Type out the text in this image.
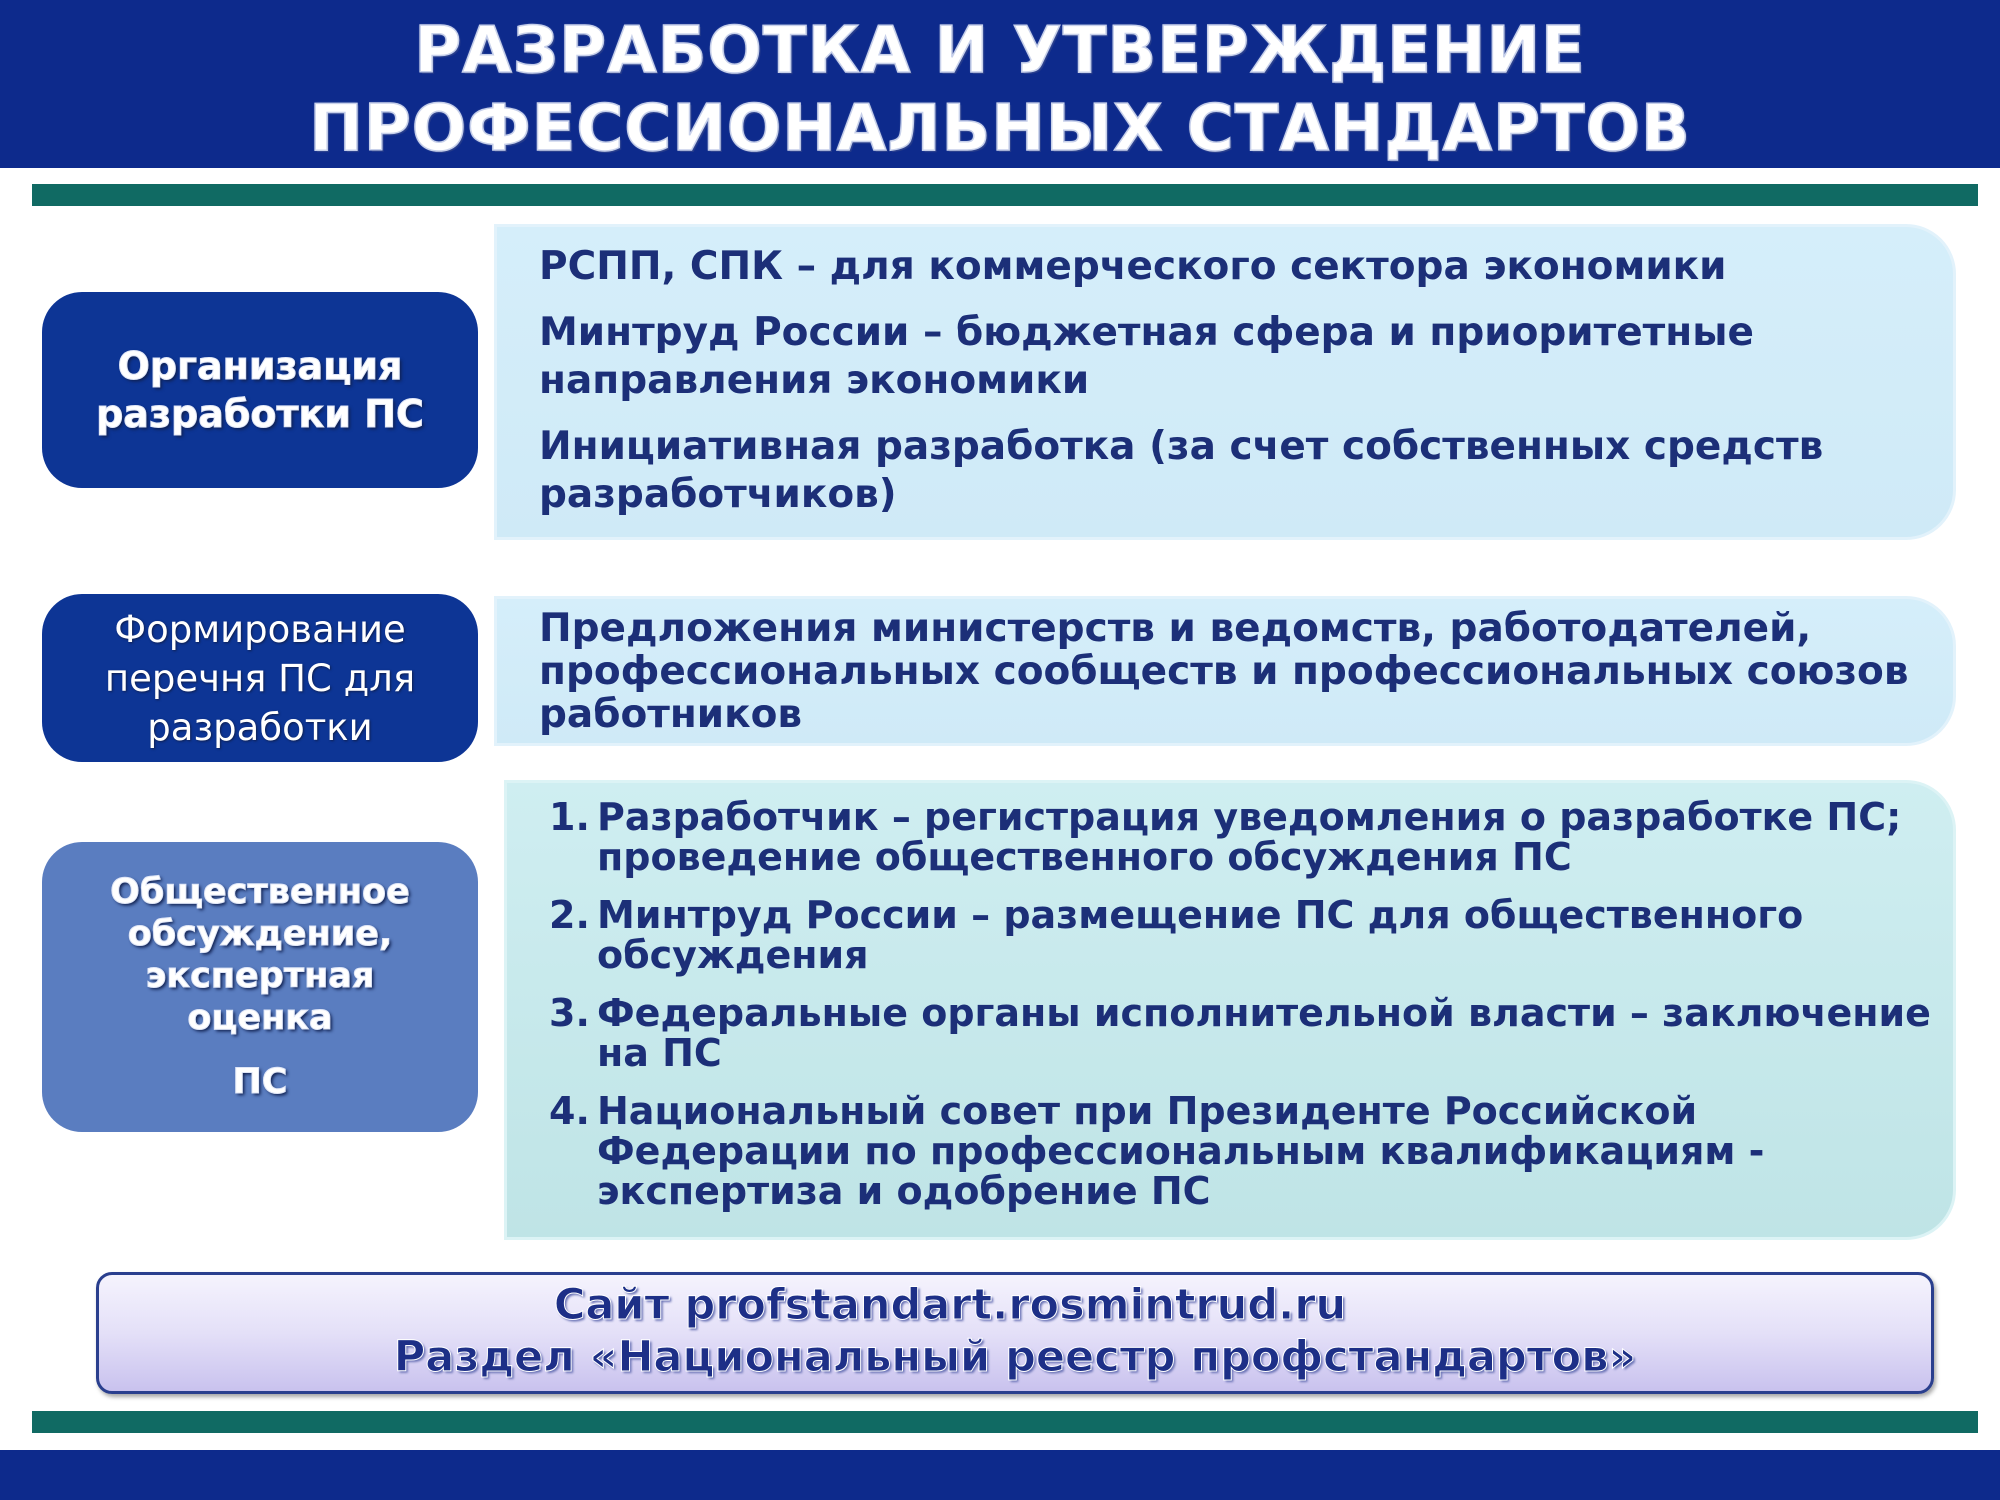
РАЗРАБОТКА И УТВЕРЖДЕНИЕ
ПРОФЕССИОНАЛЬНЫХ СТАНДАРТОВ
Организация
разработки ПС
РСПП, СПК – для коммерческого сектора экономики
Минтруд России – бюджетная сфера и приоритетные направления экономики
Инициативная разработка (за счет собственных средств разработчиков)
Формирование
перечня ПС для
разработки
Предложения министерств и ведомств, работодателей, профессиональных сообществ и профессиональных союзов работников
Общественное
обсуждение,
экспертная
оценка
ПС
1. Разработчик – регистрация уведомления о разработке ПС; проведение общественного обсуждения ПС
2. Минтруд России – размещение ПС для общественного обсуждения
3. Федеральные органы исполнительной власти – заключение на ПС
4. Национальный совет при Президенте Российской Федерации по профессиональным квалификациям - экспертиза и одобрение ПС
Сайт profstandart.rosmintrud.ru
Раздел «Национальный реестр профстандартов»
